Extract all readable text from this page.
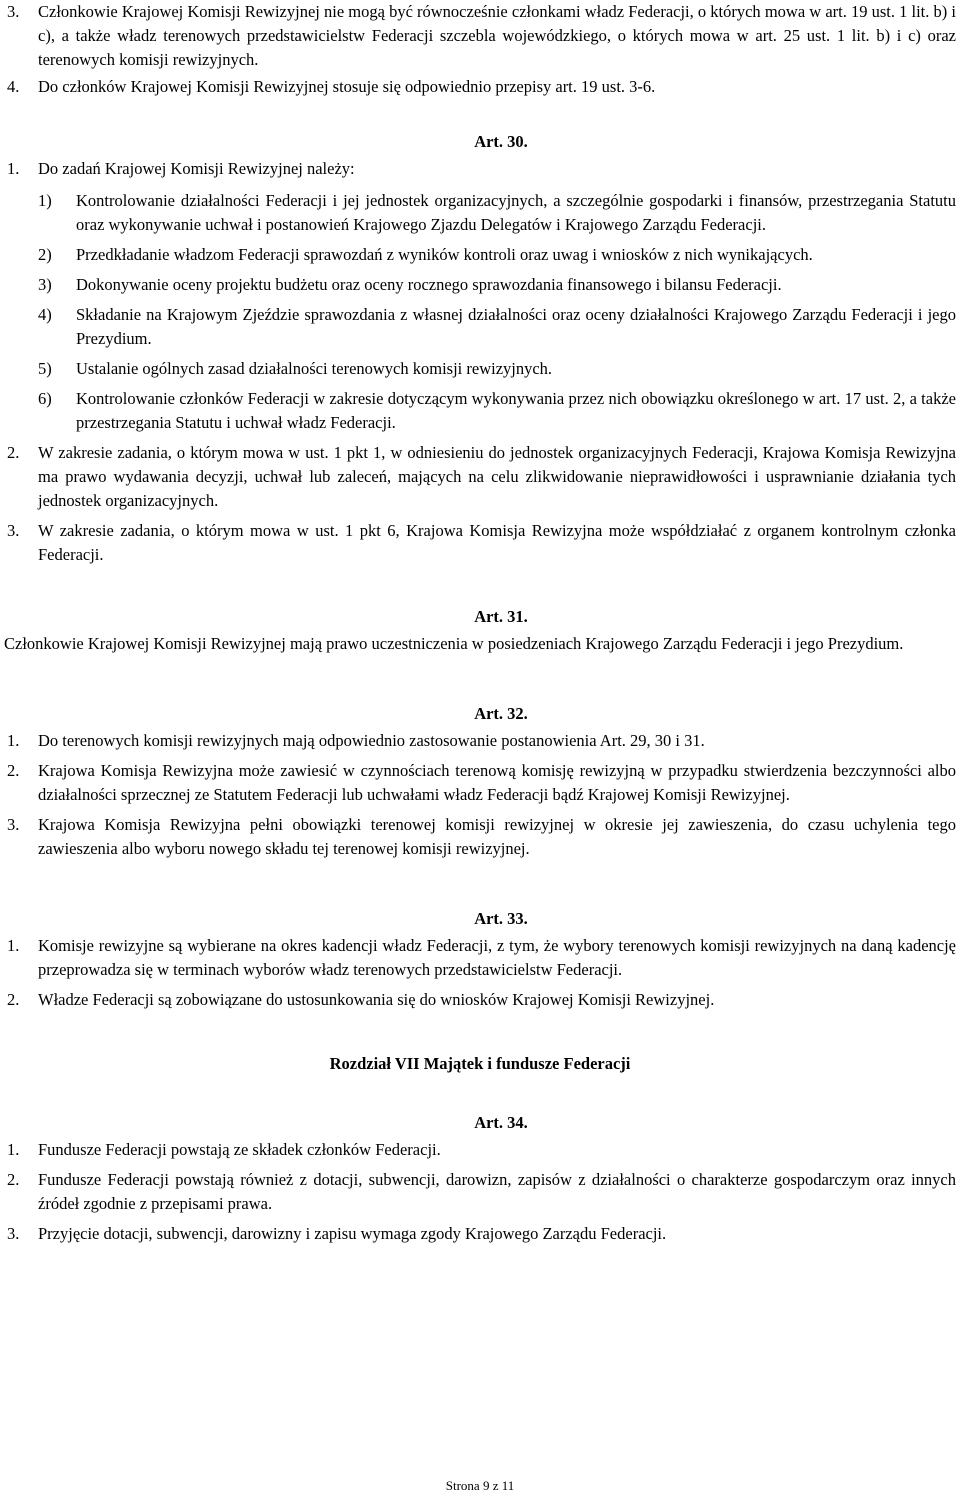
3. Członkowie Krajowej Komisji Rewizyjnej nie mogą być równocześnie członkami władz Federacji, o których mowa w art. 19 ust. 1 lit. b) i c), a także władz terenowych przedstawicielstw Federacji szczebla wojewódzkiego, o których mowa w art. 25 ust. 1 lit. b) i c) oraz terenowych komisji rewizyjnych.
4. Do członków Krajowej Komisji Rewizyjnej stosuje się odpowiednio przepisy art. 19 ust. 3-6.
Art. 30.
1. Do zadań Krajowej Komisji Rewizyjnej należy:
1) Kontrolowanie działalności Federacji i jej jednostek organizacyjnych, a szczególnie gospodarki i finansów, przestrzegania Statutu oraz wykonywanie uchwał i postanowień Krajowego Zjazdu Delegatów i Krajowego Zarządu Federacji.
2) Przedkładanie władzom Federacji sprawozdań z wyników kontroli oraz uwag i wniosków z nich wynikających.
3) Dokonywanie oceny projektu budżetu oraz oceny rocznego sprawozdania finansowego i bilansu Federacji.
4) Składanie na Krajowym Zjeździe sprawozdania z własnej działalności oraz oceny działalności Krajowego Zarządu Federacji i jego Prezydium.
5) Ustalanie ogólnych zasad działalności terenowych komisji rewizyjnych.
6) Kontrolowanie członków Federacji w zakresie dotyczącym wykonywania przez nich obowiązku określonego w art. 17 ust. 2, a także przestrzegania Statutu i uchwał władz Federacji.
2. W zakresie zadania, o którym mowa w ust. 1 pkt 1, w odniesieniu do jednostek organizacyjnych Federacji, Krajowa Komisja Rewizyjna ma prawo wydawania decyzji, uchwał lub zaleceń, mających na celu zlikwidowanie nieprawidłowości i usprawnianie działania tych jednostek organizacyjnych.
3. W zakresie zadania, o którym mowa w ust. 1 pkt 6, Krajowa Komisja Rewizyjna może współdziałać z organem kontrolnym członka Federacji.
Art. 31.
Członkowie Krajowej Komisji Rewizyjnej mają prawo uczestniczenia w posiedzeniach Krajowego Zarządu Federacji i jego Prezydium.
Art. 32.
1. Do terenowych komisji rewizyjnych mają odpowiednio zastosowanie postanowienia Art. 29, 30 i 31.
2. Krajowa Komisja Rewizyjna może zawiesić w czynnościach terenową komisję rewizyjną w przypadku stwierdzenia bezczynności albo działalności sprzecznej ze Statutem Federacji lub uchwałami władz Federacji bądź Krajowej Komisji Rewizyjnej.
3. Krajowa Komisja Rewizyjna pełni obowiązki terenowej komisji rewizyjnej w okresie jej zawieszenia, do czasu uchylenia tego zawieszenia albo wyboru nowego składu tej terenowej komisji rewizyjnej.
Art. 33.
1. Komisje rewizyjne są wybierane na okres kadencji władz Federacji, z tym, że wybory terenowych komisji rewizyjnych na daną kadencję przeprowadza się w terminach wyborów władz terenowych przedstawicielstw Federacji.
2. Władze Federacji są zobowiązane do ustosunkowania się do wniosków Krajowej Komisji Rewizyjnej.
Rozdział VII Majątek i fundusze Federacji
Art. 34.
1. Fundusze Federacji powstają ze składek członków Federacji.
2. Fundusze Federacji powstają również z dotacji, subwencji, darowizn, zapisów z działalności o charakterze gospodarczym oraz innych źródeł zgodnie z przepisami prawa.
3. Przyjęcie dotacji, subwencji, darowizny i zapisu wymaga zgody Krajowego Zarządu Federacji.
Strona 9 z 11
